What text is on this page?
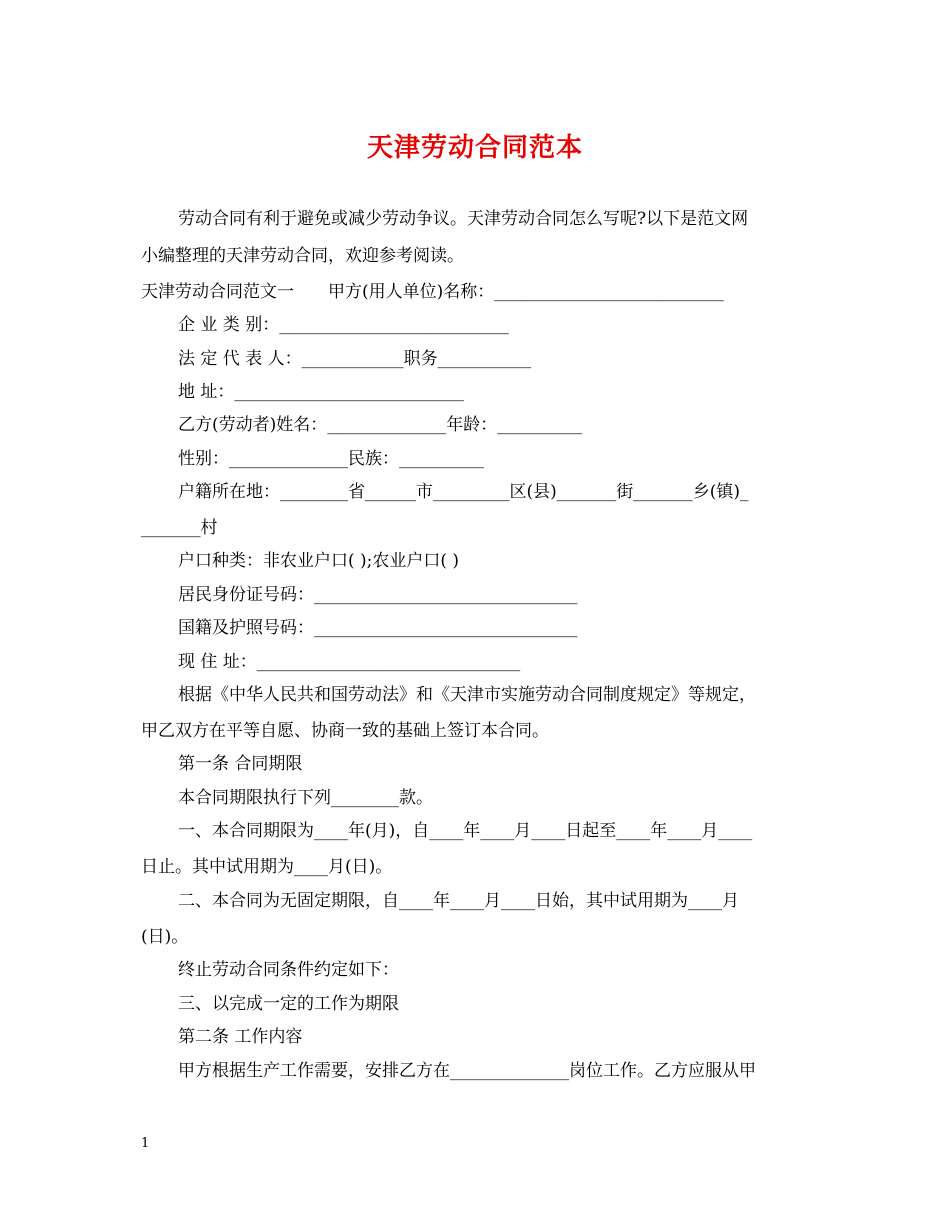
天津劳动合同范本
劳动合同有利于避免或减少劳动争议。天津劳动合同怎么写呢?以下是范文网
小编整理的天津劳动合同，欢迎参考阅读。
天津劳动合同范文一　　甲方(用人单位)名称：___________________________
企 业 类 别：___________________________
法 定 代 表 人：____________职务___________
地 址：___________________________
乙方(劳动者)姓名：______________年龄：__________
性别：______________民族：__________
户籍所在地：________省______市_________区(县)_______街_______乡(镇)_
_______村
户口种类：非农业户口( );农业户口( )
居民身份证号码：_______________________________
国籍及护照号码：_______________________________
现 住 址：_______________________________
根据《中华人民共和国劳动法》和《天津市实施劳动合同制度规定》等规定，
甲乙双方在平等自愿、协商一致的基础上签订本合同。
第一条 合同期限
本合同期限执行下列________款。
一、本合同期限为____年(月)，自____年____月____日起至____年____月____
日止。其中试用期为____月(日)。
二、本合同为无固定期限，自____年____月____日始，其中试用期为____月
(日)。
终止劳动合同条件约定如下：
三、以完成一定的工作为期限
第二条 工作内容
甲方根据生产工作需要，安排乙方在______________岗位工作。乙方应服从甲
1
